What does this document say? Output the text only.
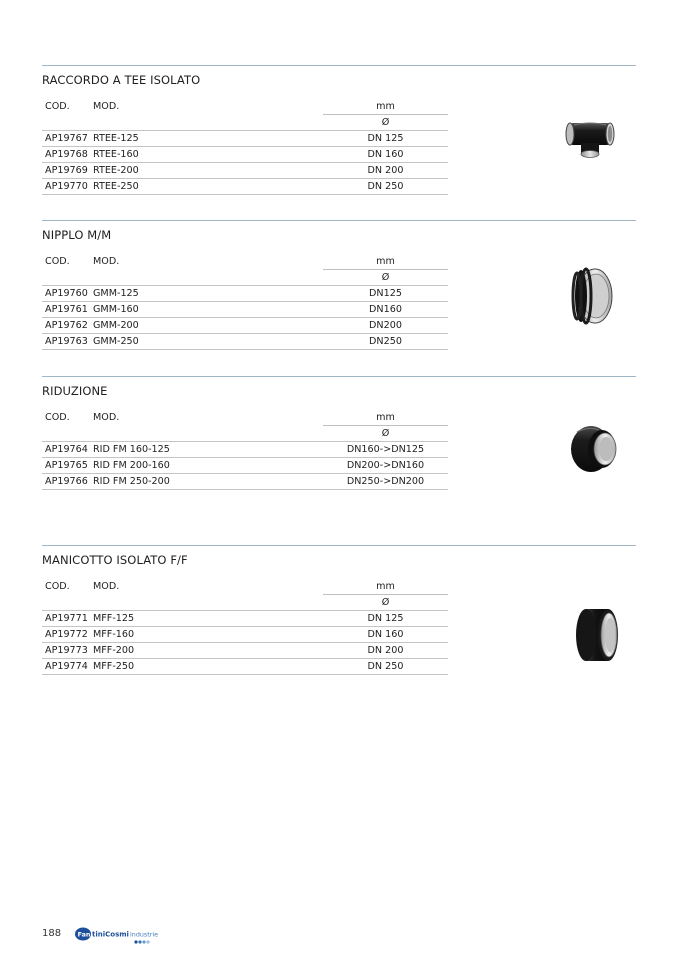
RACCORDO A TEE ISOLATO
COD.	MOD.	mm
		Ø
AP19767	RTEE-125	DN 125
AP19768	RTEE-160	DN 160
AP19769	RTEE-200	DN 200
AP19770	RTEE-250	DN 250
NIPPLO M/M
COD.	MOD.	mm
		Ø
AP19760	GMM-125	DN125
AP19761	GMM-160	DN160
AP19762	GMM-200	DN200
AP19763	GMM-250	DN250
RIDUZIONE
COD.	MOD.	mm
		Ø
AP19764	RID FM 160-125	DN160->DN125
AP19765	RID FM 200-160	DN200->DN160
AP19766	RID FM 250-200	DN250->DN200
MANICOTTO ISOLATO F/F
COD.	MOD.	mm
		Ø
AP19771	MFF-125	DN 125
AP19772	MFF-160	DN 160
AP19773	MFF-200	DN 200
AP19774	MFF-250	DN 250
188	Fan tiniCosmi industrie
